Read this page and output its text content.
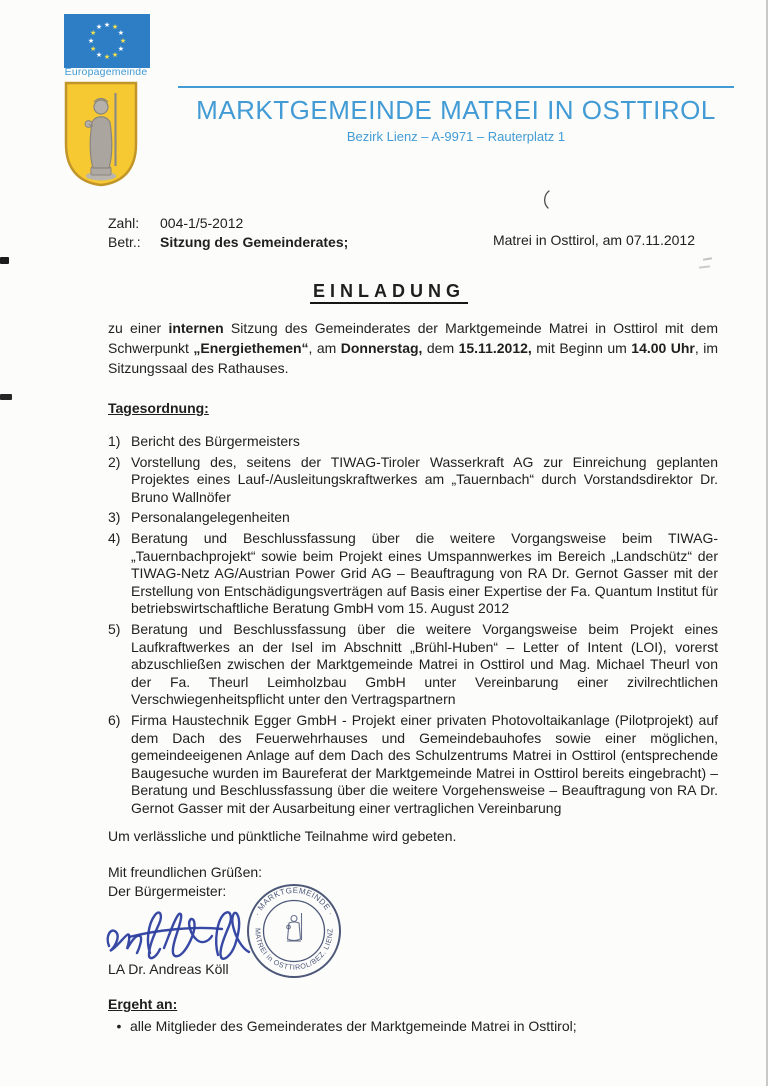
★ ★
★
★
★
★
★
★
★
★
★
★
Europagemeinde
MARKTGEMEINDE MATREI IN OSTTIROL
Bezirk Lienz – A-9971 – Rauterplatz 1
Zahl:	004-1/5-2012
Betr.:	Sitzung des Gemeinderates;	Matrei in Osttirol, am 07.11.2012
EINLADUNG

zu einer internen Sitzung des Gemeinderates der Marktgemeinde Matrei in Osttirol mit dem Schwerpunkt „Energiethemen“, am Donnerstag, dem 15.11.2012, mit Beginn um 14.00 Uhr, im Sitzungssaal des Rathauses.

Tagesordnung:
1) Bericht des Bürgermeisters
2) Vorstellung des, seitens der TIWAG-Tiroler Wasserkraft AG zur Einreichung geplanten Projektes eines Lauf-/Ausleitungskraftwerkes am „Tauernbach“ durch Vorstandsdirektor Dr. Bruno Wallnöfer
3) Personalangelegenheiten
4) Beratung und Beschlussfassung über die weitere Vorgangsweise beim TIWAG-„Tauernbachprojekt“ sowie beim Projekt eines Umspannwerkes im Bereich „Landschütz“ der TIWAG-Netz AG/Austrian Power Grid AG – Beauftragung von RA Dr. Gernot Gasser mit der Erstellung von Entschädigungsverträgen auf Basis einer Expertise der Fa. Quantum Institut für betriebswirtschaftliche Beratung GmbH vom 15. August 2012
5) Beratung und Beschlussfassung über die weitere Vorgangsweise beim Projekt eines Laufkraftwerkes an der Isel im Abschnitt „Brühl-Huben“ – Letter of Intent (LOI), vorerst abzuschließen zwischen der Marktgemeinde Matrei in Osttirol und Mag. Michael Theurl von der Fa. Theurl Leimholzbau GmbH unter Vereinbarung einer zivilrechtlichen Verschwiegenheitspflicht unter den Vertragspartnern
6) Firma Haustechnik Egger GmbH - Projekt einer privaten Photovoltaikanlage (Pilotprojekt) auf dem Dach des Feuerwehrhauses und Gemeindebauhofes sowie einer möglichen, gemeindeeigenen Anlage auf dem Dach des Schulzentrums Matrei in Osttirol (entsprechende Baugesuche wurden im Baureferat der Marktgemeinde Matrei in Osttirol bereits eingebracht) – Beratung und Beschlussfassung über die weitere Vorgehensweise – Beauftragung von RA Dr. Gernot Gasser mit der Ausarbeitung einer vertraglichen Vereinbarung
Um verlässliche und pünktliche Teilnahme wird gebeten.
Mit freundlichen Grüßen:
Der Bürgermeister:
· MARKTGEMEINDE ·
MATREI in OSTTIROL/BEZ. LIENZ
LA Dr. Andreas Köll
Ergeht an:
• alle Mitglieder des Gemeinderates der Marktgemeinde Matrei in Osttirol;
